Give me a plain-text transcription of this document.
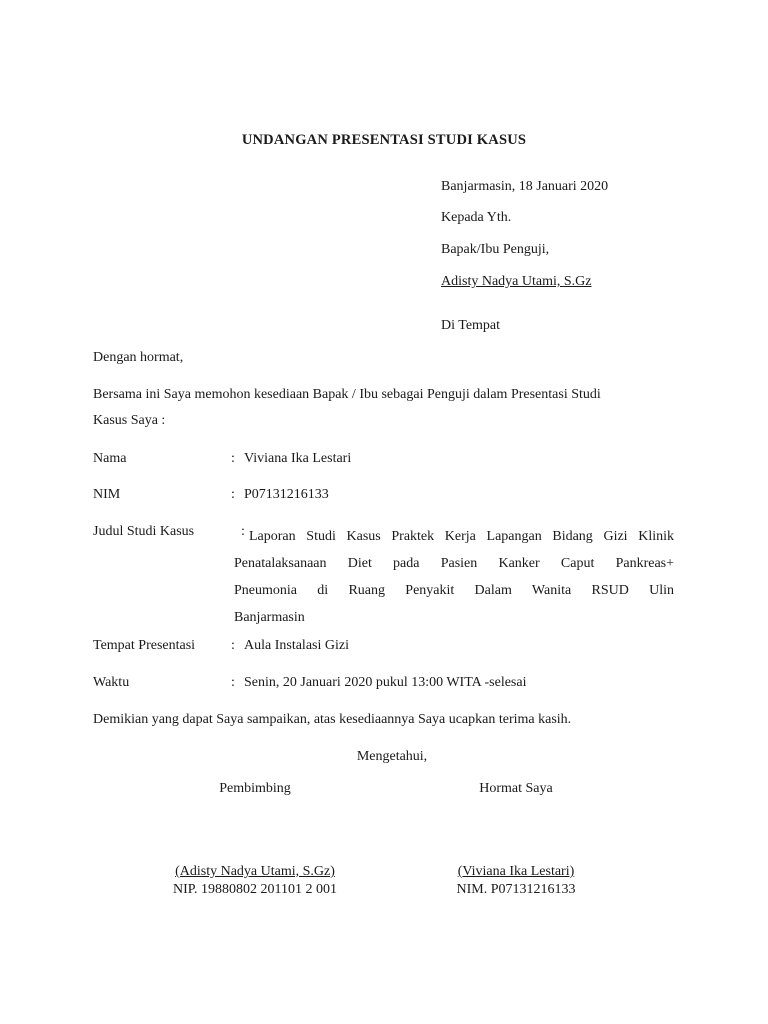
UNDANGAN PRESENTASI STUDI KASUS
Banjarmasin, 18 Januari 2020
Kepada Yth.
Bapak/Ibu Penguji,
Adisty Nadya Utami, S.Gz
Di Tempat
Dengan hormat,
Bersama ini Saya memohon kesediaan Bapak / Ibu sebagai Penguji dalam Presentasi Studi
Kasus Saya :
Nama	: Viviana Ika Lestari
NIM	: P07131216133
Judul Studi Kasus	: Laporan Studi Kasus Praktek Kerja Lapangan Bidang Gizi Klinik
Penatalaksanaan Diet pada Pasien Kanker Caput Pankreas+
Pneumonia di Ruang Penyakit Dalam Wanita RSUD Ulin
Banjarmasin
Tempat Presentasi	: Aula Instalasi Gizi
Waktu	: Senin, 20 Januari 2020 pukul 13:00 WITA -selesai
Demikian yang dapat Saya sampaikan, atas kesediaannya Saya ucapkan terima kasih.
Mengetahui,
Pembimbing
(Adisty Nadya Utami, S.Gz)
NIP. 19880802 201101 2 001
Hormat Saya
(Viviana Ika Lestari)
NIM. P07131216133
